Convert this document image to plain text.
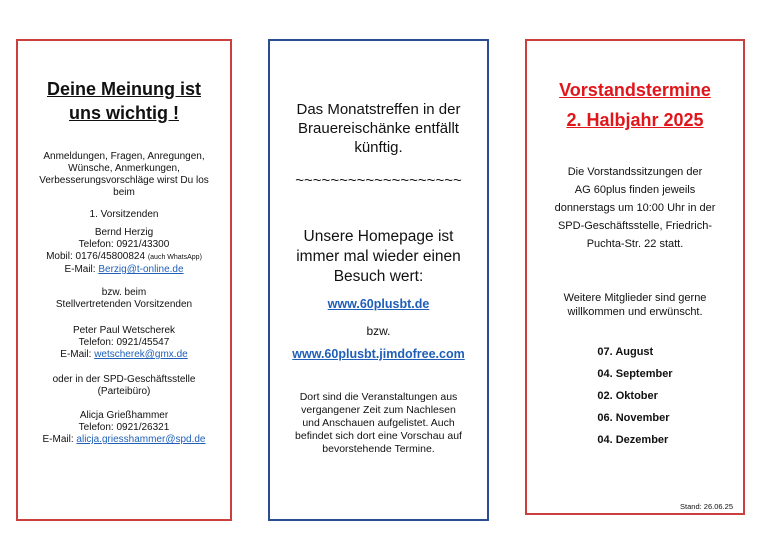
Deine Meinung ist
uns wichtig !
Anmeldungen, Fragen, Anregungen,
Wünsche, Anmerkungen,
Verbesserungsvorschläge wirst Du los
beim
1. Vorsitzenden
Bernd Herzig
Telefon: 0921/43300
Mobil: 0176/45800824 (auch WhatsApp)
E-Mail: Berzig@t-online.de
bzw. beim
Stellvertretenden Vorsitzenden
Peter Paul Wetscherek
Telefon: 0921/45547
E-Mail: wetscherek@gmx.de
oder in der SPD-Geschäftsstelle
(Parteibüro)
Alicja Grießhammer
Telefon: 0921/26321
E-Mail: alicja.griesshammer@spd.de
Das Monatstreffen in der
Brauereischänke entfällt
künftig.
~~~~~~~~~~~~~~~~~~~
Unsere Homepage ist
immer mal wieder einen
Besuch wert:
www.60plusbt.de
bzw.
www.60plusbt.jimdofree.com
Dort sind die Veranstaltungen aus
vergangener Zeit zum Nachlesen
und Anschauen aufgelistet. Auch
befindet sich dort eine Vorschau auf
bevorstehende Termine.
Vorstandstermine
2. Halbjahr 2025
Die Vorstandssitzungen der
AG 60plus finden jeweils
donnerstags um 10:00 Uhr in der
SPD-Geschäftsstelle, Friedrich-
Puchta-Str. 22 statt.
Weitere Mitglieder sind gerne
willkommen und erwünscht.
07. August
04. September
02. Oktober
06. November
04. Dezember
Stand: 26.06.25
